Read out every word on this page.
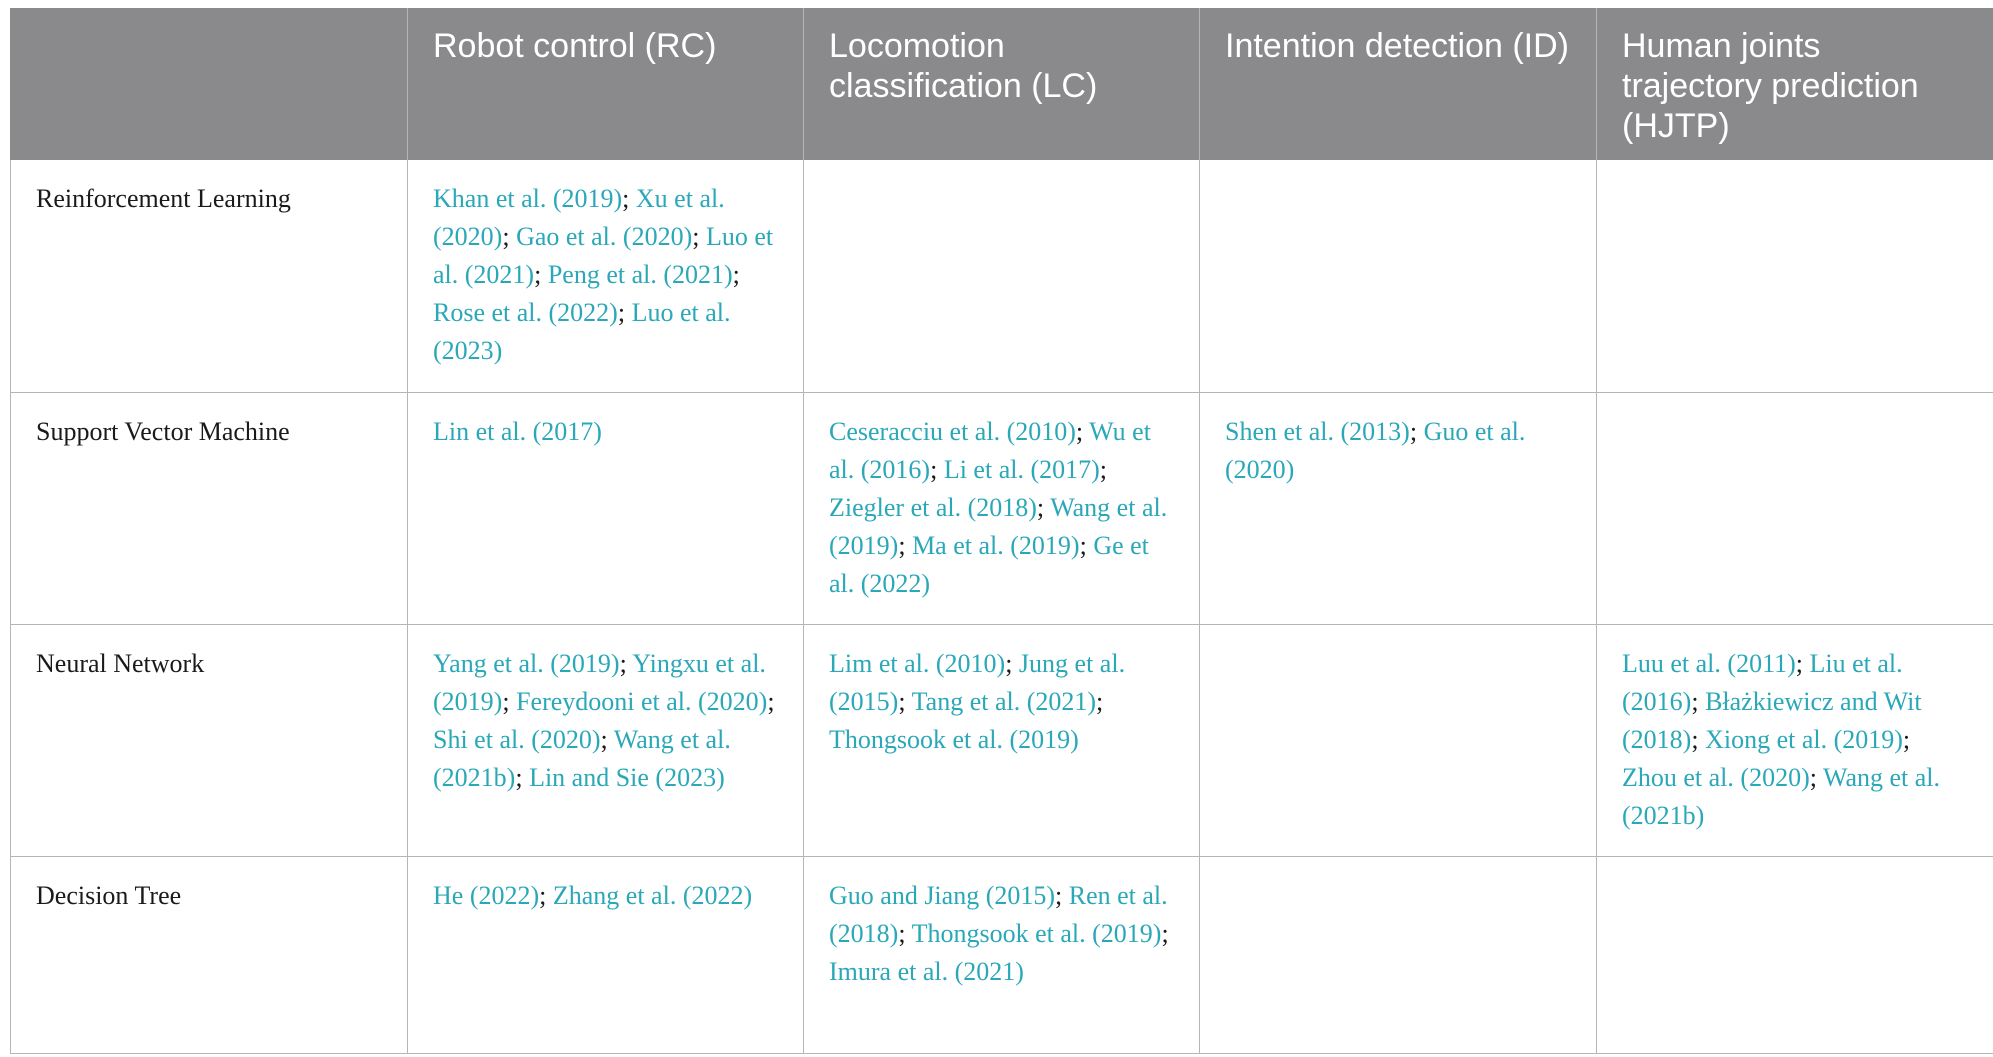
	Robot control (RC)	Locomotion classification (LC)	Intention detection (ID)	Human joints trajectory prediction (HJTP)
Reinforcement Learning	Khan et al. (2019); Xu et al. (2020); Gao et al. (2020); Luo et al. (2021); Peng et al. (2021); Rose et al. (2022); Luo et al. (2023)			
Support Vector Machine	Lin et al. (2017)	Ceseracciu et al. (2010); Wu et al. (2016); Li et al. (2017); Ziegler et al. (2018); Wang et al. (2019); Ma et al. (2019); Ge et al. (2022)	Shen et al. (2013); Guo et al. (2020)	
Neural Network	Yang et al. (2019); Yingxu et al. (2019); Fereydooni et al. (2020); Shi et al. (2020); Wang et al. (2021b); Lin and Sie (2023)	Lim et al. (2010); Jung et al. (2015); Tang et al. (2021); Thongsook et al. (2019)		Luu et al. (2011); Liu et al. (2016); Błażkiewicz and Wit (2018); Xiong et al. (2019); Zhou et al. (2020); Wang et al. (2021b)
Decision Tree	He (2022); Zhang et al. (2022)	Guo and Jiang (2015); Ren et al. (2018); Thongsook et al. (2019); Imura et al. (2021)		
